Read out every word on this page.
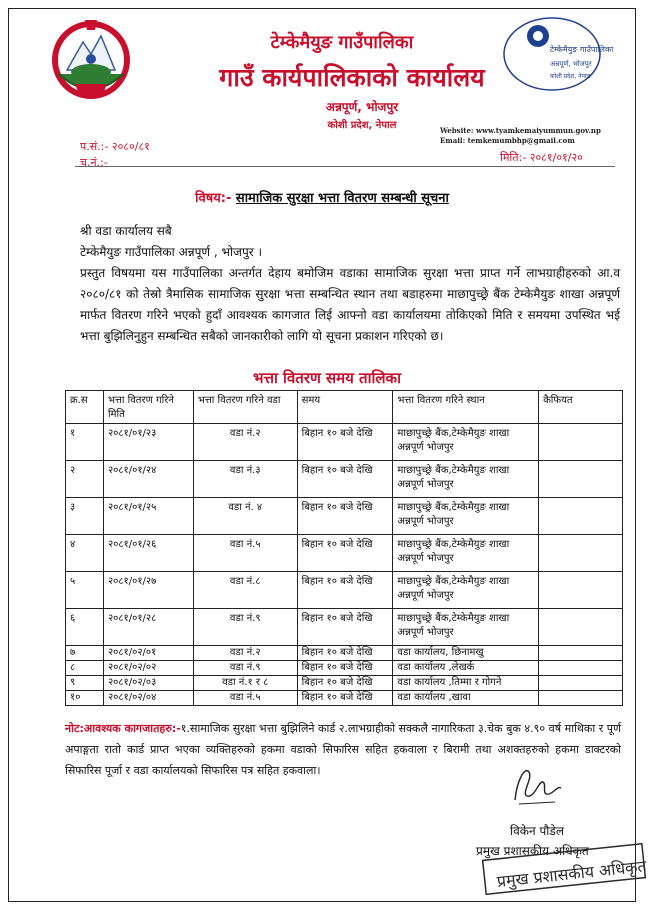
टेम्केमैयुङ गाउँपालिका
गाउँ कार्यपालिकाको कार्यालय
अन्नपूर्ण, भोजपुर
कोशी प्रदेश, नेपाल
टेम्केमैयुङ गाउँपालिका
अन्नपूर्ण, भोजपुर
कोशी प्रदेश, नेपाल
Website: www.tyamkemaiyummun.gov.np
Email: temkemumbhp@gmail.com
प.सं.:- २०८०/८१
च.नं.:-	मिति:- २०८१/०१/२०
विषय:- सामाजिक सुरक्षा भत्ता वितरण सम्बन्धी सूचना
श्री वडा कार्यालय सबै
टेम्केमैयुङ गाउँपालिका अन्नपूर्ण , भोजपुर ।
प्रस्तुत विषयमा यस गाउँपालिका अन्तर्गत देहाय बमोजिम वडाका सामाजिक सुरक्षा भत्ता प्राप्त गर्ने लाभग्राहीहरुको आ.व २०८०/८१ को तेस्रो त्रैमासिक सामाजिक सुरक्षा भत्ता सम्बन्धित स्थान तथा बडाहरुमा माछापुच्छ्रे बैंक टेम्केमैयुङ शाखा अन्नपूर्ण मार्फत वितरण गरिने भएको हुदाँ आवश्यक कागजात लिई आफ्नो वडा कार्यालयमा तोकिएको मिति र समयमा उपस्थित भई भत्ता बुझिलिनुहुन सम्बन्धित सबैको जानकारीको लागि यो सूचना प्रकाशन गरिएको छ।
भत्ता वितरण समय तालिका
क्र.स	भत्ता वितरण गरिने मिति	भत्ता वितरण गरिने वडा	समय	भत्ता वितरण गरिने स्थान	कैफियत
१	२०८१/०१/२३	वडा नं.२	बिहान १० बजे देखि	माछापुच्छ्रे बैंक,टेम्केमैयुङ शाखा अन्नपूर्ण भोजपुर	
२	२०८१/०१/२४	वडा नं.३	बिहान १० बजे देखि	माछापुच्छ्रे बैंक,टेम्केमैयुङ शाखा अन्नपूर्ण भोजपुर	
३	२०८१/०१/२५	वडा नं. ४	बिहान १० बजे देखि	माछापुच्छ्रे बैंक,टेम्केमैयुङ शाखा अन्नपूर्ण भोजपुर	
४	२०८१/०१/२६	वडा नं.५	बिहान १० बजे देखि	माछापुच्छ्रे बैंक,टेम्केमैयुङ शाखा अन्नपूर्ण भोजपुर	
५	२०८१/०१/२७	वडा नं.८	बिहान १० बजे देखि	माछापुच्छ्रे बैंक,टेम्केमैयुङ शाखा अन्नपूर्ण भोजपुर	
६	२०८१/०१/२८	वडा नं.९	बिहान १० बजे देखि	माछापुच्छ्रे बैंक,टेम्केमैयुङ शाखा अन्नपूर्ण भोजपुर	
७	२०८१/०२/०१	वडा नं.२	बिहान १० बजे देखि	वडा कार्यालय, छिनामखु	
८	२०८१/०२/०२	वडा नं.९	बिहान १० बजे देखि	वडा कार्यालय ,लेखर्क	
९	२०८१/०२/०३	वडा नं.१ र ८	बिहान १० बजे देखि	वडा कार्यालय ,तिम्मा र गोगने	
१०	२०८१/०२/०४	वडा नं.५	बिहान १० बजे देखि	वडा कार्यालय ,खावा	
नोट:आवश्यक कागजातहरु:-१.सामाजिक सुरक्षा भत्ता बुझिलिने कार्ड २.लाभग्राहीको सक्कलै नागारिकता ३.चेक बुक ४.९० वर्ष माथिका र पूर्ण अपाङ्गता रातो कार्ड प्राप्त भएका व्यक्तिहरुको हकमा वडाको सिफारिस सहित हकवाला र बिरामी तथा अशक्तहरुको हकमा डाक्टरको सिफारिस पूर्जा र वडा कार्यालयको सिफारिस पत्र सहित हकवाला।
विकेन पौडेल
प्रमुख प्रशासकीय अधिकृत
प्रमुख प्रशासकीय अधिकृत
